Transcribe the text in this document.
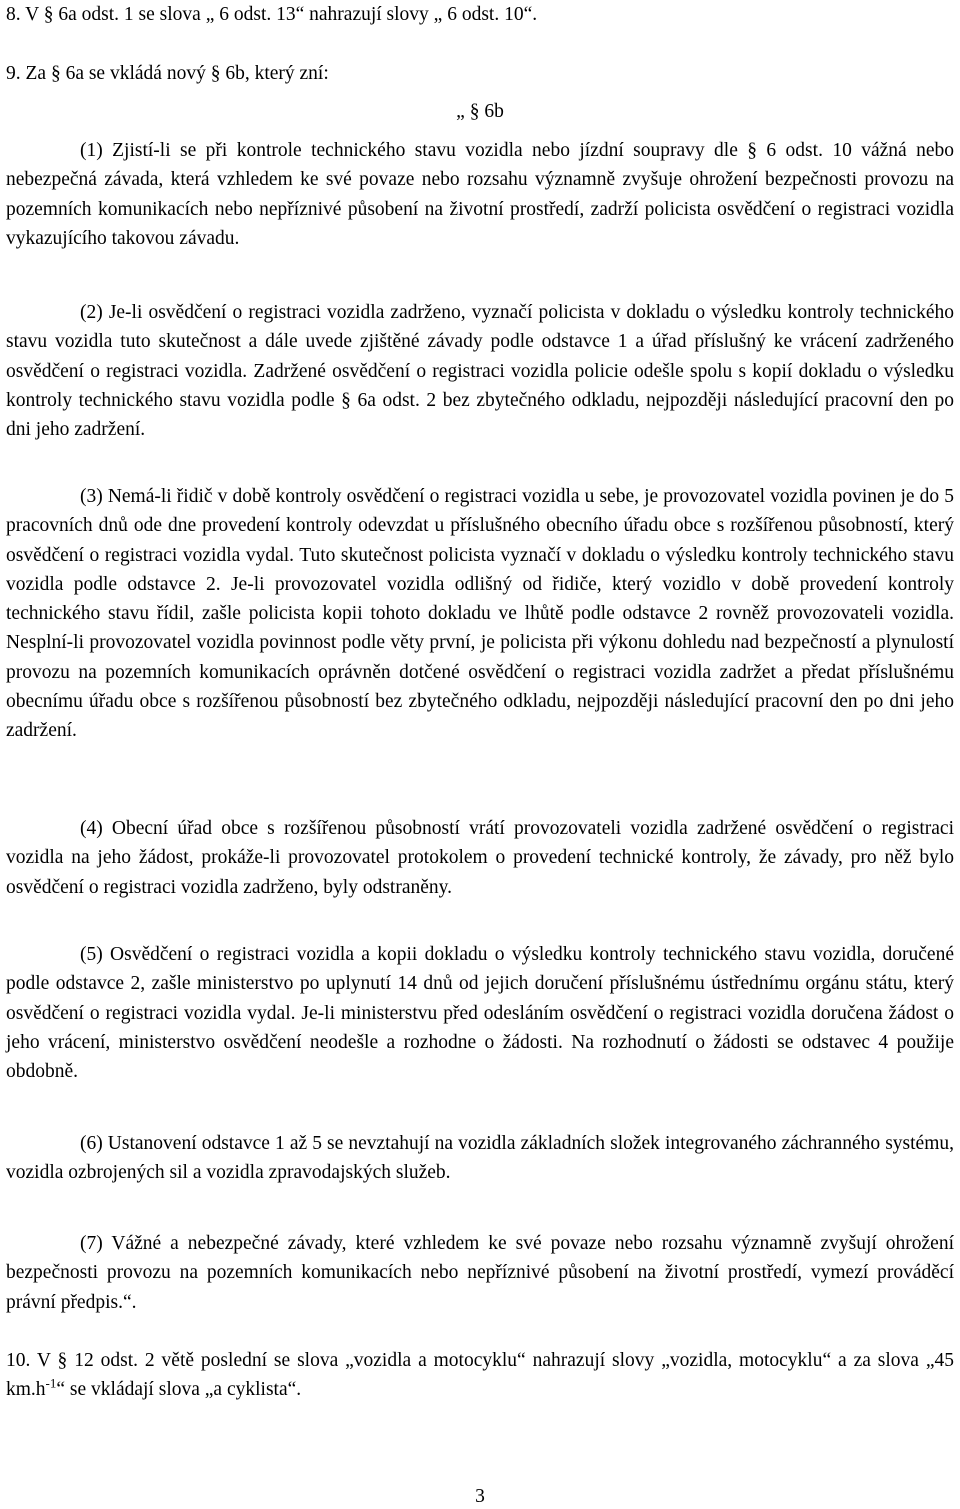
8. V § 6a odst. 1 se slova „ 6 odst. 13“ nahrazují slovy „ 6 odst. 10“.
9. Za § 6a se vkládá nový § 6b, který zní:
„ § 6b

(1) Zjistí-li se při kontrole technického stavu vozidla nebo jízdní soupravy dle § 6 odst. 10 vážná nebo nebezpečná závada, která vzhledem ke své povaze nebo rozsahu významně zvyšuje ohrožení bezpečnosti provozu na pozemních komunikacích nebo nepříznivé působení na životní prostředí, zadrží policista osvědčení o registraci vozidla vykazujícího takovou závadu.

(2) Je-li osvědčení o registraci vozidla zadrženo, vyznačí policista v dokladu o výsledku kontroly technického stavu vozidla tuto skutečnost a dále uvede zjištěné závady podle odstavce 1 a úřad příslušný ke vrácení zadrženého osvědčení o registraci vozidla. Zadržené osvědčení o registraci vozidla policie odešle spolu s kopií dokladu o výsledku kontroly technického stavu vozidla podle § 6a odst. 2 bez zbytečného odkladu, nejpozději následující pracovní den po dni jeho zadržení.

(3) Nemá-li řidič v době kontroly osvědčení o registraci vozidla u sebe, je provozovatel vozidla povinen je do 5 pracovních dnů ode dne provedení kontroly odevzdat u příslušného obecního úřadu obce s rozšířenou působností, který osvědčení o registraci vozidla vydal. Tuto skutečnost policista vyznačí v dokladu o výsledku kontroly technického stavu vozidla podle odstavce 2. Je-li provozovatel vozidla odlišný od řidiče, který vozidlo v době provedení kontroly technického stavu řídil, zašle policista kopii tohoto dokladu ve lhůtě podle odstavce 2 rovněž provozovateli vozidla. Nesplní-li provozovatel vozidla povinnost podle věty první, je policista při výkonu dohledu nad bezpečností a plynulostí provozu na pozemních komunikacích oprávněn dotčené osvědčení o registraci vozidla zadržet a předat příslušnému obecnímu úřadu obce s rozšířenou působností bez zbytečného odkladu, nejpozději následující pracovní den po dni jeho zadržení.

(4) Obecní úřad obce s rozšířenou působností vrátí provozovateli vozidla zadržené osvědčení o registraci vozidla na jeho žádost, prokáže-li provozovatel protokolem o provedení technické kontroly, že závady, pro něž bylo osvědčení o registraci vozidla zadrženo, byly odstraněny.

(5) Osvědčení o registraci vozidla a kopii dokladu o výsledku kontroly technického stavu vozidla, doručené podle odstavce 2, zašle ministerstvo po uplynutí 14 dnů od jejich doručení příslušnému ústřednímu orgánu státu, který osvědčení o registraci vozidla vydal. Je-li ministerstvu před odesláním osvědčení o registraci vozidla doručena žádost o jeho vrácení, ministerstvo osvědčení neodešle a rozhodne o žádosti. Na rozhodnutí o žádosti se odstavec 4 použije obdobně.

(6) Ustanovení odstavce 1 až 5 se nevztahují na vozidla základních složek integrovaného záchranného systému, vozidla ozbrojených sil a vozidla zpravodajských služeb.

(7) Vážné a nebezpečné závady, které vzhledem ke své povaze nebo rozsahu významně zvyšují ohrožení bezpečnosti provozu na pozemních komunikacích nebo nepříznivé působení na životní prostředí, vymezí prováděcí právní předpis.“.

10. V § 12 odst. 2 větě poslední se slova „vozidla a motocyklu“ nahrazují slovy „vozidla, motocyklu“ a za slova „45 $km.h^{-1}“$ se vkládají slova „a cyklista“.

3
